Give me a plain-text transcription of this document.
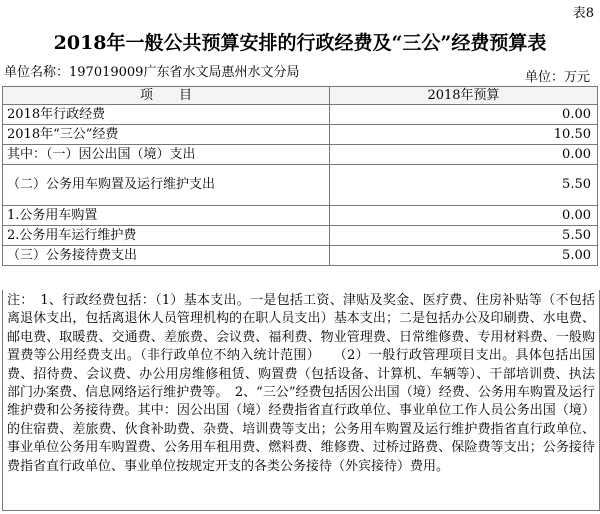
表8
2018年一般公共预算安排的行政经费及“三公”经费预算表
单位名称：197019009广东省水文局惠州水文分局	单位：万元
项　　目	2018年预算
2018年行政经费	0.00
2018年“三公”经费	10.50
其中：（一）因公出国（境）支出	0.00
（二）公务用车购置及运行维护支出	5.50
1.公务用车购置	0.00
2.公务用车运行维护费	5.50
（三）公务接待费支出	5.00
注：　1、行政经费包括：（1）基本支出。一是包括工资、津贴及奖金、医疗费、住房补贴等（不包括离退休支出，包括离退休人员管理机构的在职人员支出）基本支出；二是包括办公及印刷费、水电费、邮电费、取暖费、交通费、差旅费、会议费、福利费、物业管理费、日常维修费、专用材料费、一般购置费等公用经费支出。（非行政单位不纳入统计范围）　　（2）一般行政管理项目支出。具体包括出国费、招待费、会议费、办公用房维修租赁、购置费（包括设备、计算机、车辆等）、干部培训费、执法部门办案费、信息网络运行维护费等。　2、“三公”经费包括因公出国（境）经费、公务用车购置及运行维护费和公务接待费。其中：因公出国（境）经费指省直行政单位、事业单位工作人员公务出国（境）的住宿费、差旅费、伙食补助费、杂费、培训费等支出；公务用车购置及运行维护费指省直行政单位、事业单位公务用车购置费、公务用车租用费、燃料费、维修费、过桥过路费、保险费等支出；公务接待费指省直行政单位、事业单位按规定开支的各类公务接待（外宾接待）费用。
